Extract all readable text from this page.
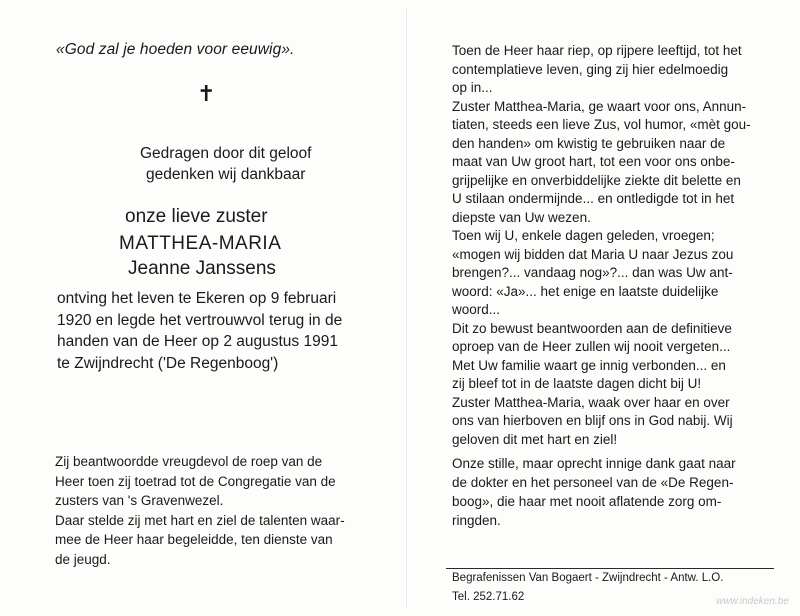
«God zal je hoeden voor eeuwig».
✝
Gedragen door dit geloof
gedenken wij dankbaar
onze lieve zuster
MATTHEA-MARIA
Jeanne Janssens
ontving het leven te Ekeren op 9 februari
1920 en legde het vertrouwvol terug in de
handen van de Heer op 2 augustus 1991
te Zwijndrecht ('De Regenboog')
Zij beantwoordde vreugdevol de roep van de
Heer toen zij toetrad tot de Congregatie van de
zusters van 's Gravenwezel.
Daar stelde zij met hart en ziel de talenten waar-
mee de Heer haar begeleidde, ten dienste van
de jeugd.
Toen de Heer haar riep, op rijpere leeftijd, tot het
contemplatieve leven, ging zij hier edelmoedig
op in...
Zuster Matthea-Maria, ge waart voor ons, Annun-
tiaten, steeds een lieve Zus, vol humor, «mèt gou-
den handen» om kwistig te gebruiken naar de
maat van Uw groot hart, tot een voor ons onbe-
grijpelijke en onverbiddelijke ziekte dit belette en
U stilaan ondermijnde... en ontledigde tot in het
diepste van Uw wezen.
Toen wij U, enkele dagen geleden, vroegen;
«mogen wij bidden dat Maria U naar Jezus zou
brengen?... vandaag nog»?... dan was Uw ant-
woord: «Ja»... het enige en laatste duidelijke
woord...
Dit zo bewust beantwoorden aan de definitieve
oproep van de Heer zullen wij nooit vergeten...
Met Uw familie waart ge innig verbonden... en
zij bleef tot in de laatste dagen dicht bij U!
Zuster Matthea-Maria, waak over haar en over
ons van hierboven en blijf ons in God nabij. Wij
geloven dit met hart en ziel!
Onze stille, maar oprecht innige dank gaat naar
de dokter en het personeel van de «De Regen-
boog», die haar met nooit aflatende zorg om-
ringden.
Begrafenissen Van Bogaert - Zwijndrecht - Antw. L.O.
Tel. 252.71.62	www.indeken.be
